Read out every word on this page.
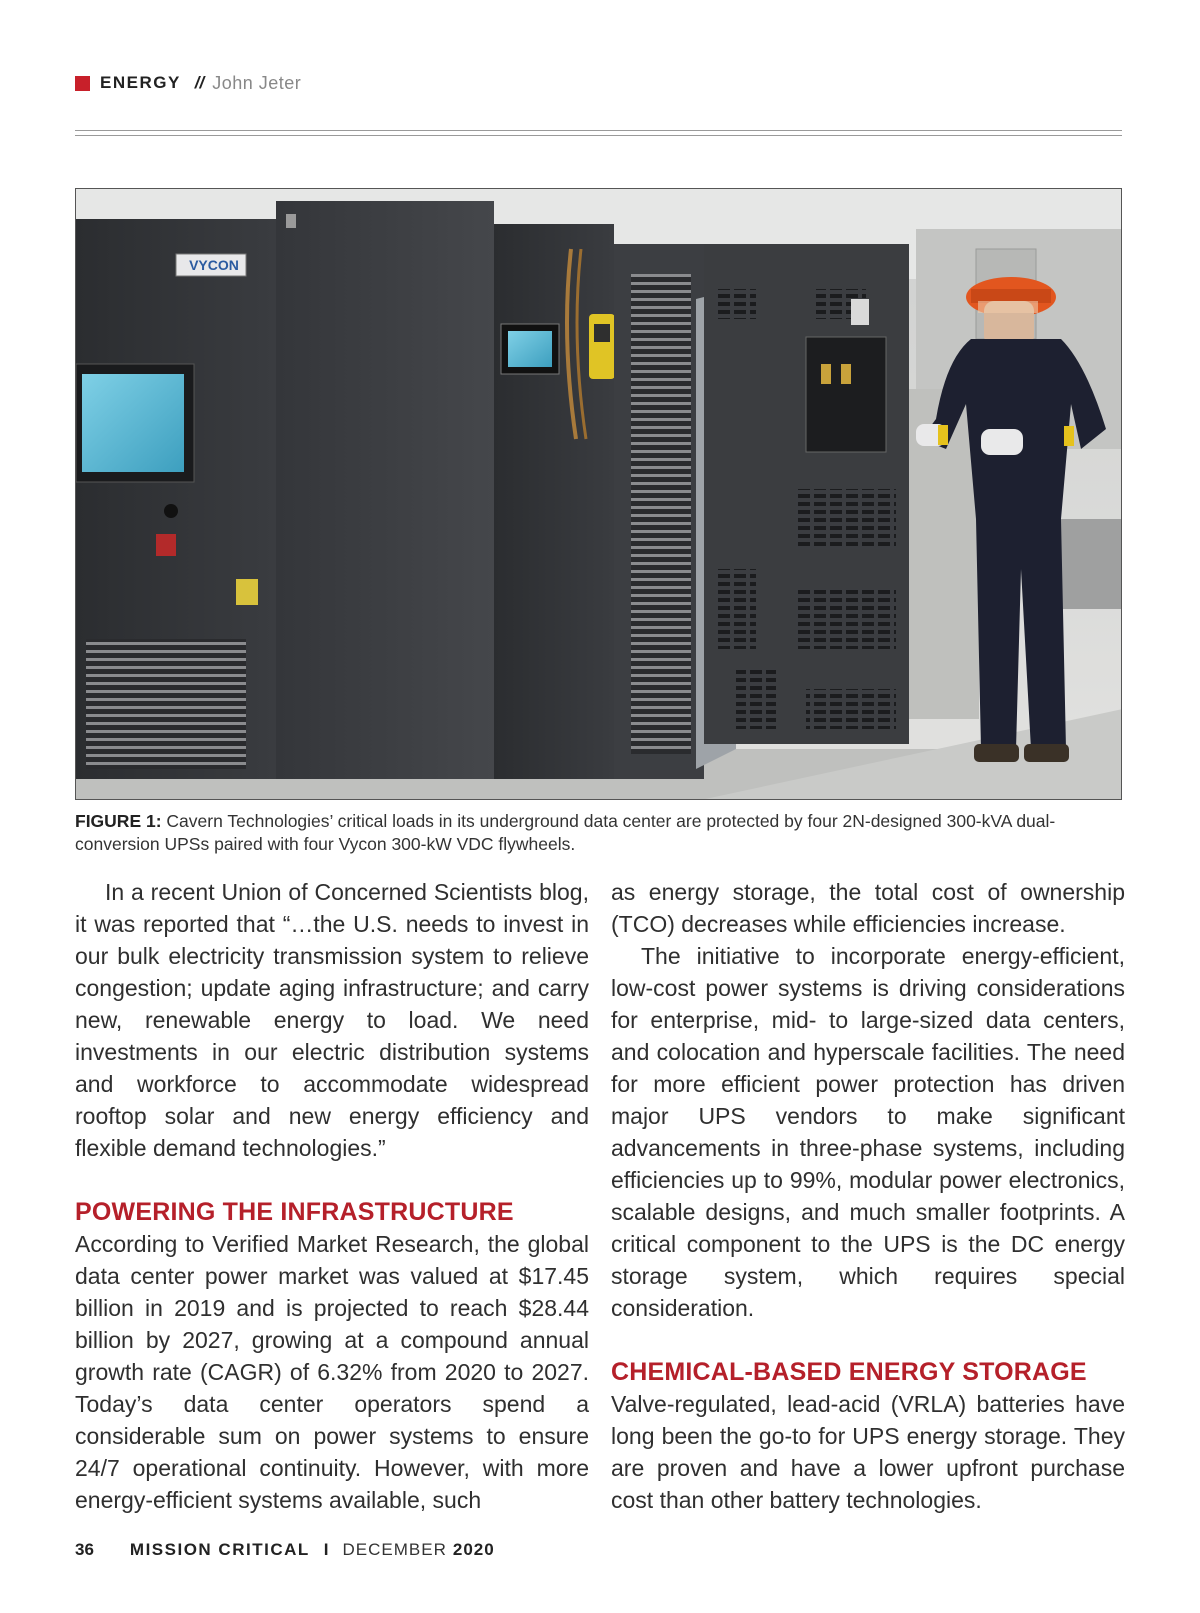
ENERGY // John Jeter
VYCON
FIGURE 1: Cavern Technologies’ critical loads in its underground data center are protected by four 2N-designed 300-kVA dual-conversion UPSs paired with four Vycon 300-kW VDC flywheels.

In a recent Union of Concerned Scientists blog, it was reported that “…the U.S. needs to invest in our bulk electricity transmission system to relieve congestion; update aging infrastructure; and carry new, renewable energy to load. We need investments in our electric distribution systems and workforce to accommodate widespread rooftop solar and new energy efficiency and flexible demand technologies.”

POWERING THE INFRASTRUCTURE

According to Verified Market Research, the global data center power market was valued at $17.45 billion in 2019 and is projected to reach $28.44 billion by 2027, growing at a compound annual growth rate (CAGR) of 6.32% from 2020 to 2027. Today’s data center operators spend a considerable sum on power systems to ensure 24/7 operational continuity. However, with more energy-efficient systems available, such

as energy storage, the total cost of ownership (TCO) decreases while efficiencies increase.

The initiative to incorporate energy-efficient, low-cost power systems is driving considerations for enterprise, mid- to large-sized data centers, and colocation and hyperscale facilities. The need for more efficient power protection has driven major UPS vendors to make significant advancements in three-phase systems, including efficiencies up to 99%, modular power electronics, scalable designs, and much smaller footprints. A critical component to the UPS is the DC energy storage system, which requires special consideration.

CHEMICAL-BASED ENERGY STORAGE

Valve-regulated, lead-acid (VRLA) batteries have long been the go-to for UPS energy storage. They are proven and have a lower upfront purchase cost than other battery technologies.

36 MISSION CRITICAL I DECEMBER 2020
